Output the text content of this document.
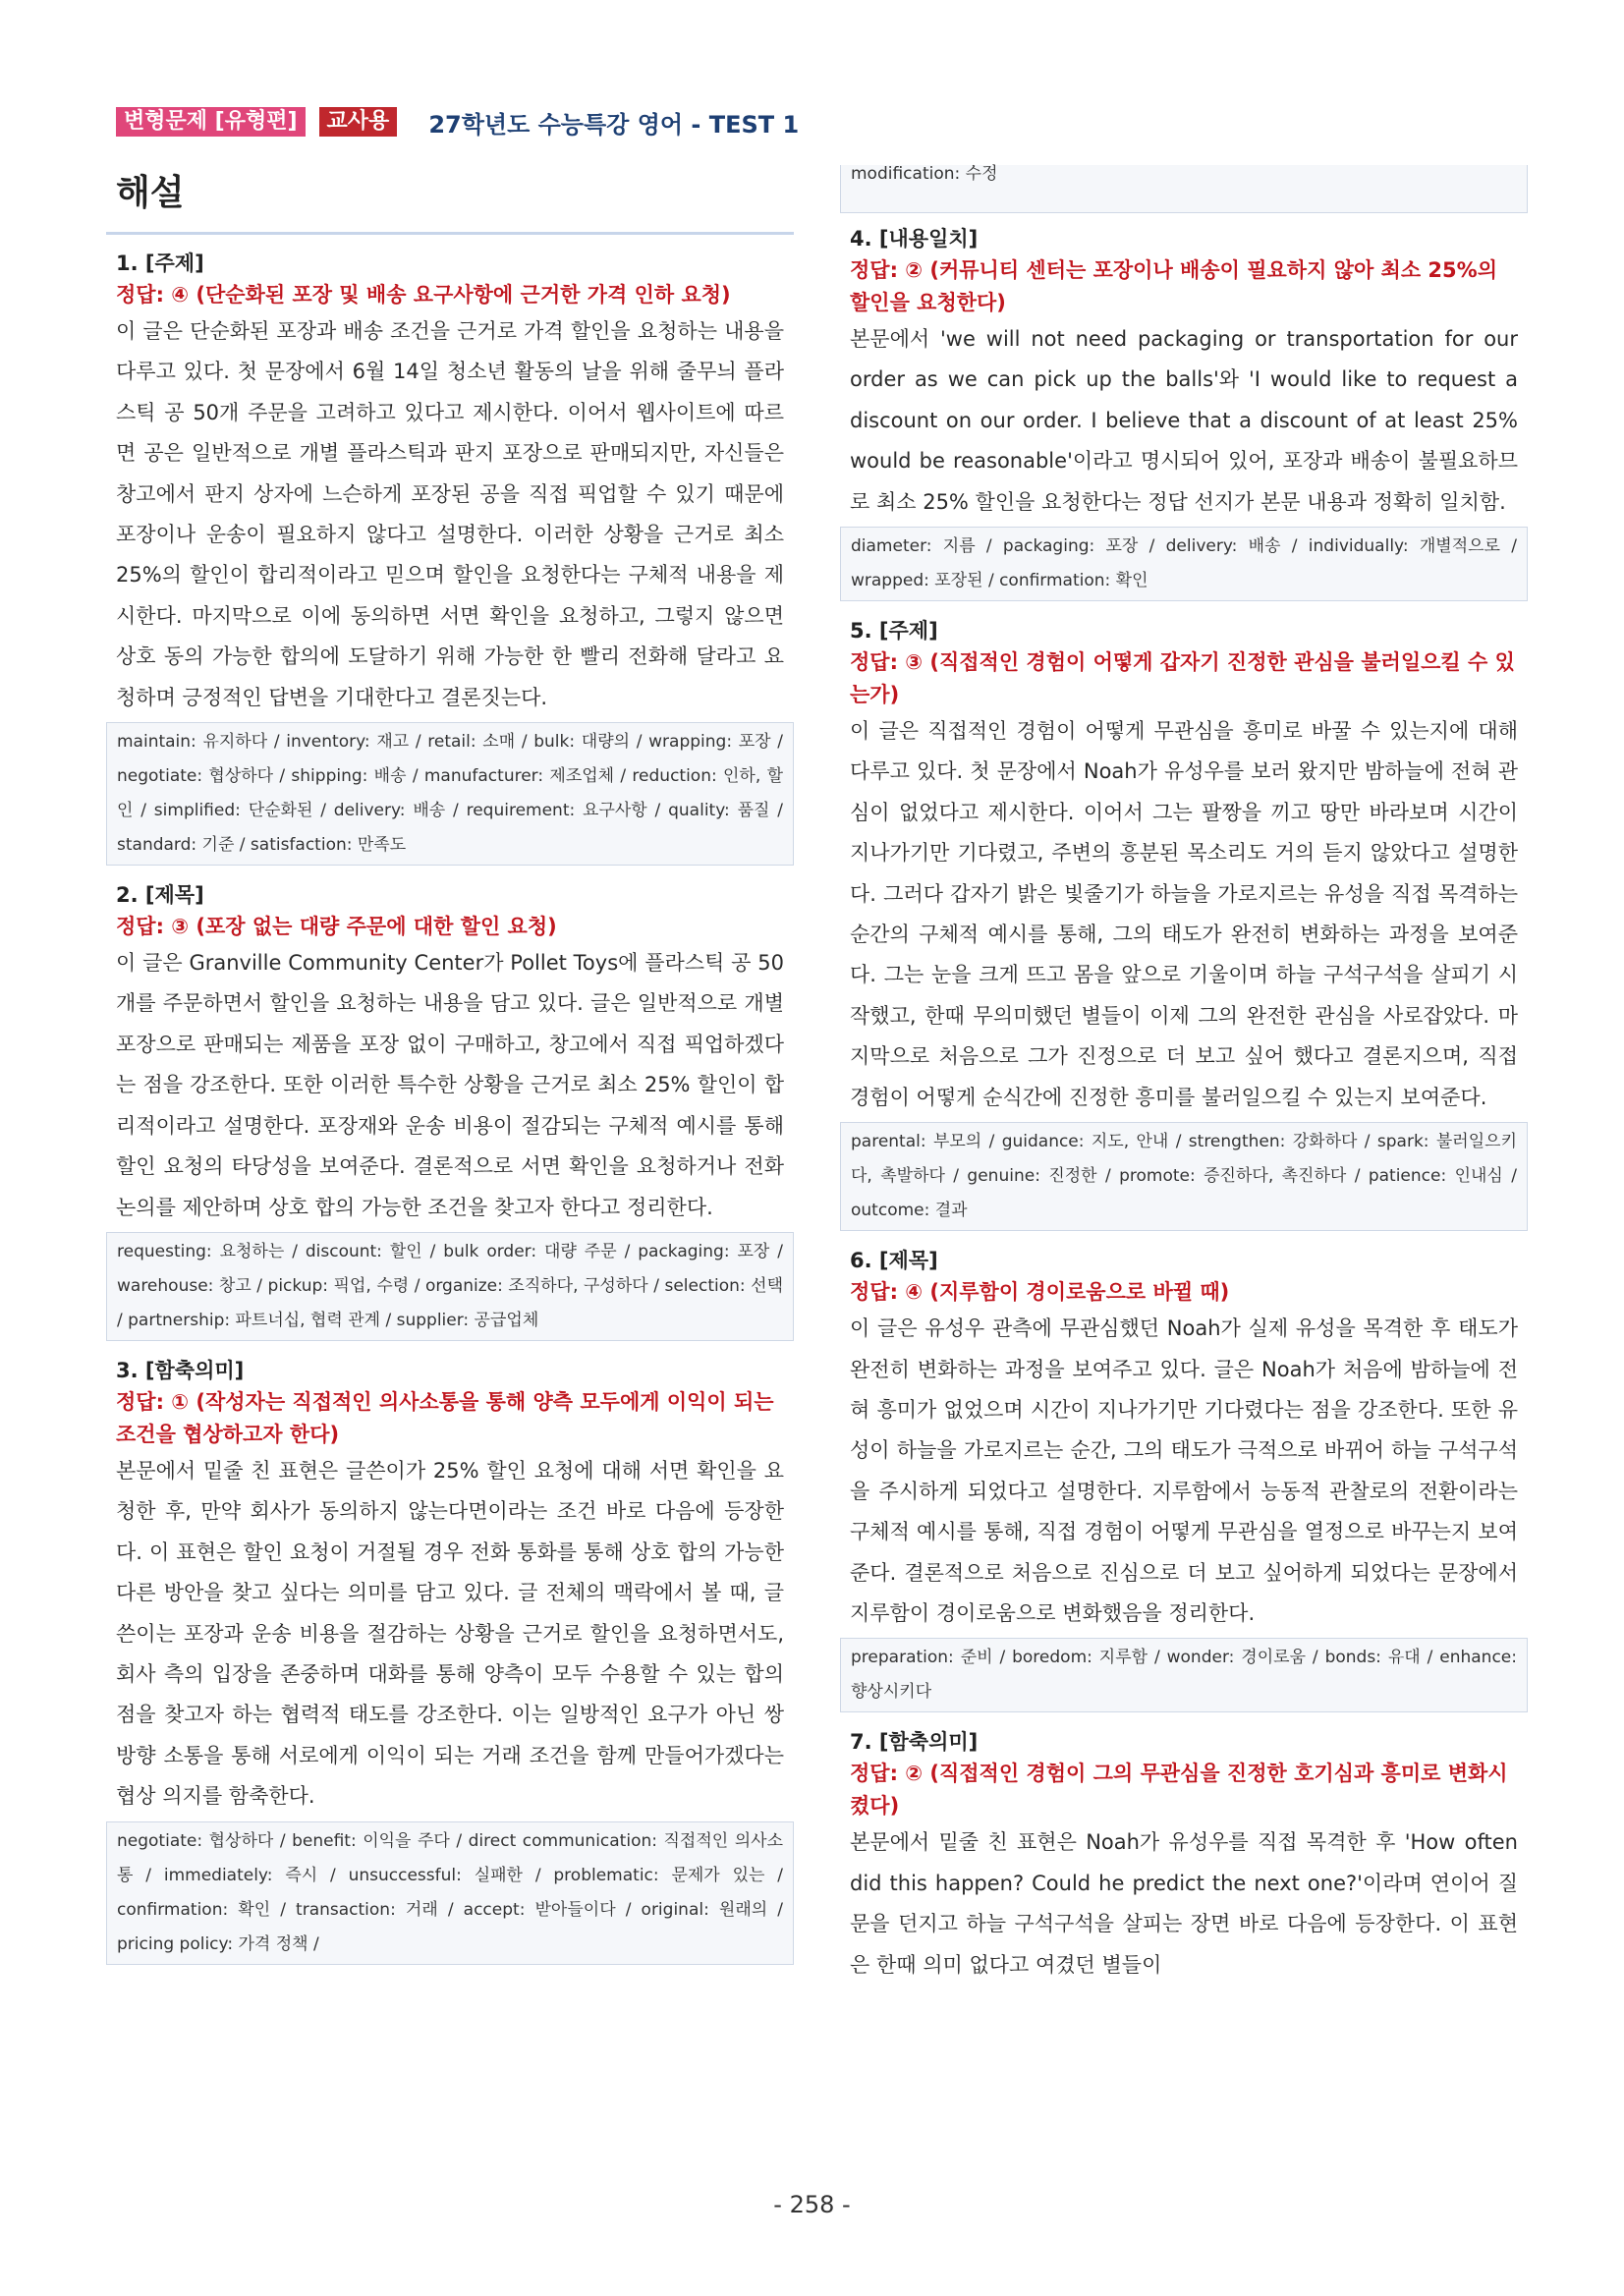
변형문제 [유형편]	교사용	27학년도 수능특강 영어 - TEST 1
해설
1. [주제]
정답: ④ (단순화된 포장 및 배송 요구사항에 근거한 가격 인하 요청)
이 글은 단순화된 포장과 배송 조건을 근거로 가격 할인을 요청하는 내용을 다루고 있다. 첫 문장에서 6월 14일 청소년 활동의 날을 위해 줄무늬 플라스틱 공 50개 주문을 고려하고 있다고 제시한다. 이어서 웹사이트에 따르면 공은 일반적으로 개별 플라스틱과 판지 포장으로 판매되지만, 자신들은 창고에서 판지 상자에 느슨하게 포장된 공을 직접 픽업할 수 있기 때문에 포장이나 운송이 필요하지 않다고 설명한다. 이러한 상황을 근거로 최소 25%의 할인이 합리적이라고 믿으며 할인을 요청한다는 구체적 내용을 제시한다. 마지막으로 이에 동의하면 서면 확인을 요청하고, 그렇지 않으면 상호 동의 가능한 합의에 도달하기 위해 가능한 한 빨리 전화해 달라고 요청하며 긍정적인 답변을 기대한다고 결론짓는다.
maintain: 유지하다 / inventory: 재고 / retail: 소매 / bulk: 대량의 / wrapping: 포장 / negotiate: 협상하다 / shipping: 배송 / manufacturer: 제조업체 / reduction: 인하, 할인 / simplified: 단순화된 / delivery: 배송 / requirement: 요구사항 / quality: 품질 / standard: 기준 / satisfaction: 만족도
2. [제목]
정답: ③ (포장 없는 대량 주문에 대한 할인 요청)
이 글은 Granville Community Center가 Pollet Toys에 플라스틱 공 50개를 주문하면서 할인을 요청하는 내용을 담고 있다. 글은 일반적으로 개별 포장으로 판매되는 제품을 포장 없이 구매하고, 창고에서 직접 픽업하겠다는 점을 강조한다. 또한 이러한 특수한 상황을 근거로 최소 25% 할인이 합리적이라고 설명한다. 포장재와 운송 비용이 절감되는 구체적 예시를 통해 할인 요청의 타당성을 보여준다. 결론적으로 서면 확인을 요청하거나 전화 논의를 제안하며 상호 합의 가능한 조건을 찾고자 한다고 정리한다.
requesting: 요청하는 / discount: 할인 / bulk order: 대량 주문 / packaging: 포장 / warehouse: 창고 / pickup: 픽업, 수령 / organize: 조직하다, 구성하다 / selection: 선택 / partnership: 파트너십, 협력 관계 / supplier: 공급업체
3. [함축의미]
정답: ① (작성자는 직접적인 의사소통을 통해 양측 모두에게 이익이 되는 조건을 협상하고자 한다)
본문에서 밑줄 친 표현은 글쓴이가 25% 할인 요청에 대해 서면 확인을 요청한 후, 만약 회사가 동의하지 않는다면이라는 조건 바로 다음에 등장한다. 이 표현은 할인 요청이 거절될 경우 전화 통화를 통해 상호 합의 가능한 다른 방안을 찾고 싶다는 의미를 담고 있다. 글 전체의 맥락에서 볼 때, 글쓴이는 포장과 운송 비용을 절감하는 상황을 근거로 할인을 요청하면서도, 회사 측의 입장을 존중하며 대화를 통해 양측이 모두 수용할 수 있는 합의점을 찾고자 하는 협력적 태도를 강조한다. 이는 일방적인 요구가 아닌 쌍방향 소통을 통해 서로에게 이익이 되는 거래 조건을 함께 만들어가겠다는 협상 의지를 함축한다.
negotiate: 협상하다 / benefit: 이익을 주다 / direct communication: 직접적인 의사소통 / immediately: 즉시 / unsuccessful: 실패한 / problematic: 문제가 있는 / confirmation: 확인 / transaction: 거래 / accept: 받아들이다 / original: 원래의 / pricing policy: 가격 정책 /
modification: 수정
4. [내용일치]
정답: ② (커뮤니티 센터는 포장이나 배송이 필요하지 않아 최소 25%의 할인을 요청한다)
본문에서 'we will not need packaging or transportation for our order as we can pick up the balls'와 'I would like to request a discount on our order. I believe that a discount of at least 25% would be reasonable'이라고 명시되어 있어, 포장과 배송이 불필요하므로 최소 25% 할인을 요청한다는 정답 선지가 본문 내용과 정확히 일치함.
diameter: 지름 / packaging: 포장 / delivery: 배송 / individually: 개별적으로 / wrapped: 포장된 / confirmation: 확인
5. [주제]
정답: ③ (직접적인 경험이 어떻게 갑자기 진정한 관심을 불러일으킬 수 있는가)
이 글은 직접적인 경험이 어떻게 무관심을 흥미로 바꿀 수 있는지에 대해 다루고 있다. 첫 문장에서 Noah가 유성우를 보러 왔지만 밤하늘에 전혀 관심이 없었다고 제시한다. 이어서 그는 팔짱을 끼고 땅만 바라보며 시간이 지나가기만 기다렸고, 주변의 흥분된 목소리도 거의 듣지 않았다고 설명한다. 그러다 갑자기 밝은 빛줄기가 하늘을 가로지르는 유성을 직접 목격하는 순간의 구체적 예시를 통해, 그의 태도가 완전히 변화하는 과정을 보여준다. 그는 눈을 크게 뜨고 몸을 앞으로 기울이며 하늘 구석구석을 살피기 시작했고, 한때 무의미했던 별들이 이제 그의 완전한 관심을 사로잡았다. 마지막으로 처음으로 그가 진정으로 더 보고 싶어 했다고 결론지으며, 직접 경험이 어떻게 순식간에 진정한 흥미를 불러일으킬 수 있는지 보여준다.
parental: 부모의 / guidance: 지도, 안내 / strengthen: 강화하다 / spark: 불러일으키다, 촉발하다 / genuine: 진정한 / promote: 증진하다, 촉진하다 / patience: 인내심 / outcome: 결과
6. [제목]
정답: ④ (지루함이 경이로움으로 바뀔 때)
이 글은 유성우 관측에 무관심했던 Noah가 실제 유성을 목격한 후 태도가 완전히 변화하는 과정을 보여주고 있다. 글은 Noah가 처음에 밤하늘에 전혀 흥미가 없었으며 시간이 지나가기만 기다렸다는 점을 강조한다. 또한 유성이 하늘을 가로지르는 순간, 그의 태도가 극적으로 바뀌어 하늘 구석구석을 주시하게 되었다고 설명한다. 지루함에서 능동적 관찰로의 전환이라는 구체적 예시를 통해, 직접 경험이 어떻게 무관심을 열정으로 바꾸는지 보여준다. 결론적으로 처음으로 진심으로 더 보고 싶어하게 되었다는 문장에서 지루함이 경이로움으로 변화했음을 정리한다.
preparation: 준비 / boredom: 지루함 / wonder: 경이로움 / bonds: 유대 / enhance: 향상시키다
7. [함축의미]
정답: ② (직접적인 경험이 그의 무관심을 진정한 호기심과 흥미로 변화시켰다)
본문에서 밑줄 친 표현은 Noah가 유성우를 직접 목격한 후 'How often did this happen? Could he predict the next one?'이라며 연이어 질문을 던지고 하늘 구석구석을 살피는 장면 바로 다음에 등장한다. 이 표현은 한때 의미 없다고 여겼던 별들이
- 258 -
